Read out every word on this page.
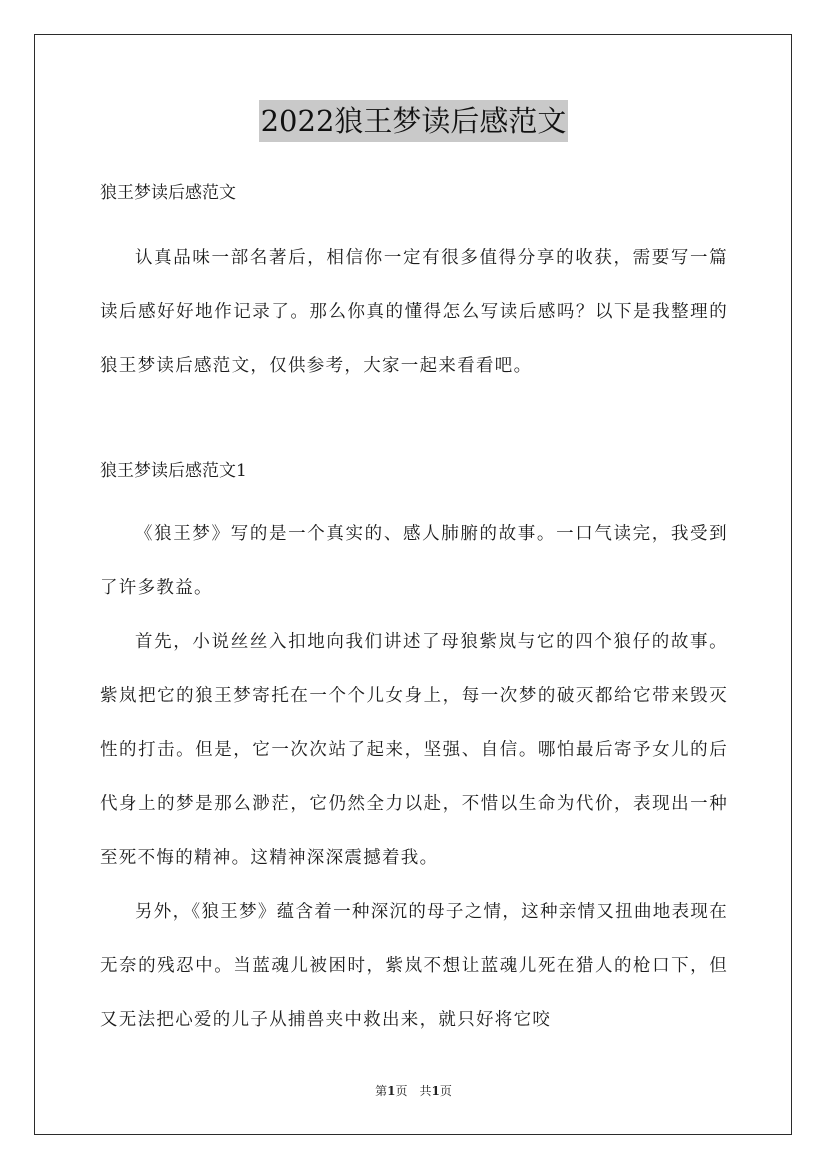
2022狼王梦读后感范文

狼王梦读后感范文

认真品味一部名著后，相信你一定有很多值得分享的收获，需要写一篇读后感好好地作记录了。那么你真的懂得怎么写读后感吗？以下是我整理的狼王梦读后感范文，仅供参考，大家一起来看看吧。

狼王梦读后感范文1

《狼王梦》写的是一个真实的、感人肺腑的故事。一口气读完，我受到了许多教益。

首先，小说丝丝入扣地向我们讲述了母狼紫岚与它的四个狼仔的故事。紫岚把它的狼王梦寄托在一个个儿女身上，每一次梦的破灭都给它带来毁灭性的打击。但是，它一次次站了起来，坚强、自信。哪怕最后寄予女儿的后代身上的梦是那么渺茫，它仍然全力以赴，不惜以生命为代价，表现出一种至死不悔的精神。这精神深深震撼着我。

另外，《狼王梦》蕴含着一种深沉的母子之情，这种亲情又扭曲地表现在无奈的残忍中。当蓝魂儿被困时，紫岚不想让蓝魂儿死在猎人的枪口下，但又无法把心爱的儿子从捕兽夹中救出来，就只好将它咬

第1页　共1页
